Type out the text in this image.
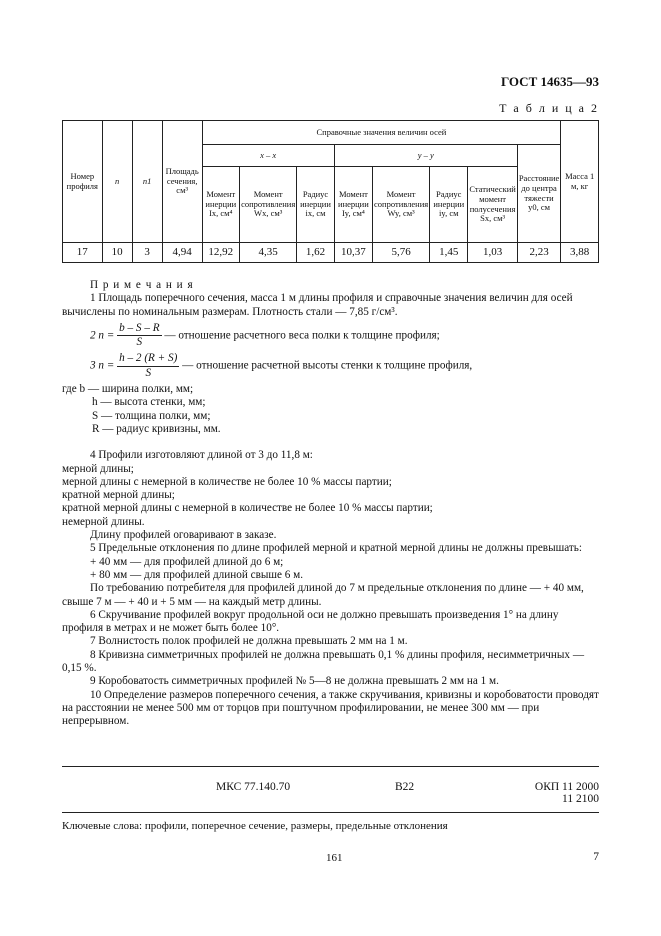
ГОСТ 14635—93
Т а б л и ц а 2
Номер профиля	n	n1	Площадь сечения, см³	Справочные значения величин осей								Масса 1 м, кг
				x – x			y – y				Расстояние до центра тяжести y0, см	
				Момент инерции Ix, см⁴	Момент сопротивления Wx, см³	Радиус инерции ix, см	Момент инерции Iy, см⁴	Момент сопротивления Wy, см³	Радиус инерции iy, см	Статический момент полусечения Sx, см³		
17	10	3	4,94	12,92	4,35	1,62	10,37	5,76	1,45	1,03	2,23	3,88

П р и м е ч а н и я

1 Площадь поперечного сечения, масса 1 м длины профиля и справочные значения величин для осей вычислены по номинальным размерам. Плотность стали — 7,85 г/см³.

2 $n = \frac{b - S - R}{S}$ — отношение расчетного веса полки к толщине профиля;

3 $n = \frac{h - 2 (R + S)}{S}$ — отношение расчетной высоты стенки к толщине профиля,

где b — ширина полки, мм;

h — высота стенки, мм;

S — толщина полки, мм;

R — радиус кривизны, мм.

4 Профили изготовляют длиной от 3 до 11,8 м:

мерной длины;

мерной длины с немерной в количестве не более 10 % массы партии;

кратной мерной длины;

кратной мерной длины с немерной в количестве не более 10 % массы партии;

немерной длины.

Длину профилей оговаривают в заказе.

5 Предельные отклонения по длине профилей мерной и кратной мерной длины не должны превышать:

+ 40 мм — для профилей длиной до 6 м;

+ 80 мм — для профилей длиной свыше 6 м.

По требованию потребителя для профилей длиной до 7 м предельные отклонения по длине — + 40 мм, свыше 7 м — + 40 и + 5 мм — на каждый метр длины.

6 Скручивание профилей вокруг продольной оси не должно превышать произведения 1° на длину профиля в метрах и не может быть более 10°.

7 Волнистость полок профилей не должна превышать 2 мм на 1 м.

8 Кривизна симметричных профилей не должна превышать 0,1 % длины профиля, несимметричных — 0,15 %.

9 Коробоватость симметричных профилей № 5—8 не должна превышать 2 мм на 1 м.

10 Определение размеров поперечного сечения, а также скручивания, кривизны и коробоватости проводят на расстоянии не менее 500 мм от торцов при поштучном профилировании, не менее 300 мм — при непрерывном.

МКС 77.140.70	В22	ОКП 11 2000
11 2100
Ключевые слова: профили, поперечное сечение, размеры, предельные отклонения
161	7
